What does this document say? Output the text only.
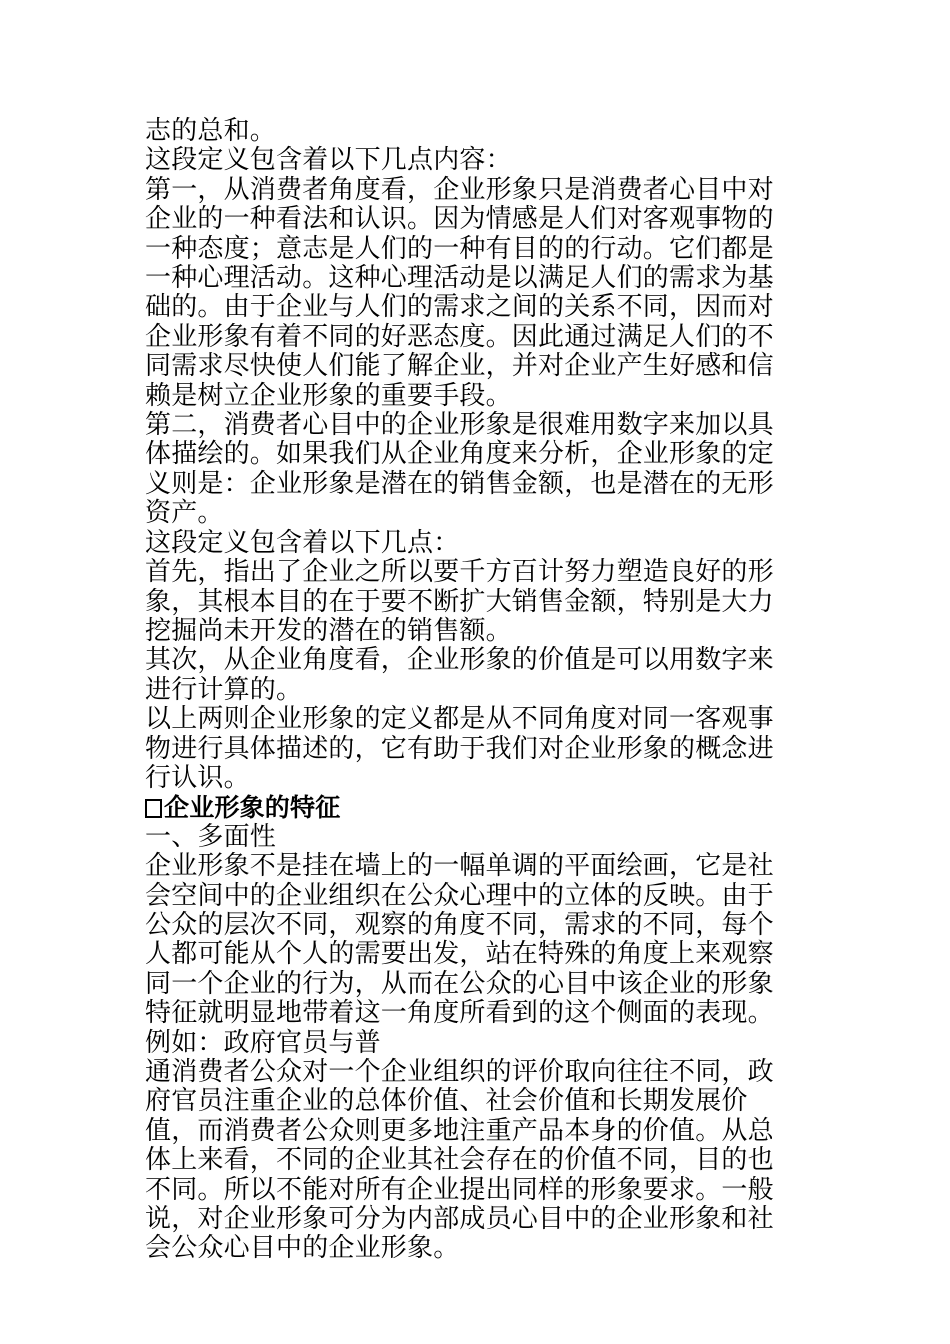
志的总和。

这段定义包含着以下几点内容：

第一，从消费者角度看，企业形象只是消费者心目中对企业的一种看法和认识。因为情感是人们对客观事物的一种态度；意志是人们的一种有目的的行动。它们都是一种心理活动。这种心理活动是以满足人们的需求为基础的。由于企业与人们的需求之间的关系不同，因而对企业形象有着不同的好恶态度。因此通过满足人们的不同需求尽快使人们能了解企业，并对企业产生好感和信赖是树立企业形象的重要手段。

第二，消费者心目中的企业形象是很难用数字来加以具体描绘的。如果我们从企业角度来分析，企业形象的定义则是：企业形象是潜在的销售金额，也是潜在的无形资产。

这段定义包含着以下几点：

首先，指出了企业之所以要千方百计努力塑造良好的形象，其根本目的在于要不断扩大销售金额，特别是大力挖掘尚未开发的潜在的销售额。

其次，从企业角度看，企业形象的价值是可以用数字来进行计算的。

以上两则企业形象的定义都是从不同角度对同一客观事物进行具体描述的，它有助于我们对企业形象的概念进行认识。

企业形象的特征

一、多面性

企业形象不是挂在墙上的一幅单调的平面绘画，它是社会空间中的企业组织在公众心理中的立体的反映。由于公众的层次不同，观察的角度不同，需求的不同，每个人都可能从个人的需要出发，站在特殊的角度上来观察同一个企业的行为，从而在公众的心目中该企业的形象特征就明显地带着这一角度所看到的这个侧面的表现。例如：政府官员与普

通消费者公众对一个企业组织的评价取向往往不同，政府官员注重企业的总体价值、社会价值和长期发展价值，而消费者公众则更多地注重产品本身的价值。从总体上来看，不同的企业其社会存在的价值不同，目的也不同。所以不能对所有企业提出同样的形象要求。一般说，对企业形象可分为内部成员心目中的企业形象和社会公众心目中的企业形象。
